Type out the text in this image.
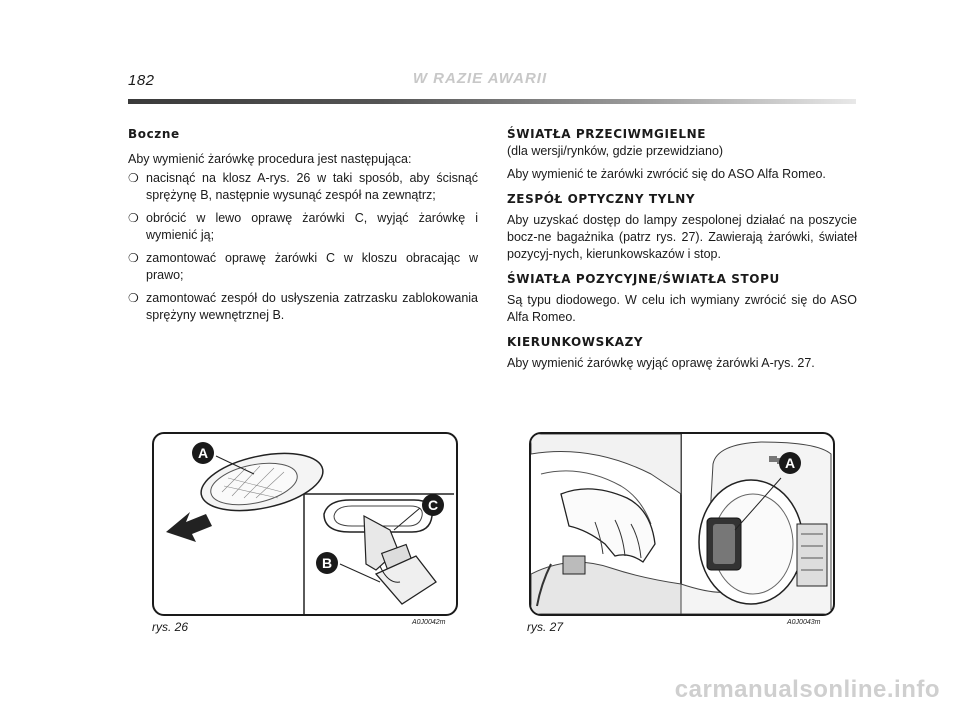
182	W RAZIE AWARII

Boczne

Aby wymienić żarówkę procedura jest następująca:

❍ nacisnąć na klosz A-rys. 26 w taki sposób, aby ścisnąć sprężynę B, następnie wysunąć zespół na zewnątrz;
❍ obrócić w lewo oprawę żarówki C, wyjąć żarówkę i wymienić ją;
❍ zamontować oprawę żarówki C w kloszu obracając w prawo;
❍ zamontować zespół do usłyszenia zatrzasku zablokowania sprężyny wewnętrznej B.

ŚWIATŁA PRZECIWMGIELNE

(dla wersji/rynków, gdzie przewidziano)

Aby wymienić te żarówki zwrócić się do ASO Alfa Romeo.

ZESPÓŁ OPTYCZNY TYLNY

Aby uzyskać dostęp do lampy zespolonej działać na poszycie bocz-ne bagażnika (patrz rys. 27). Zawierają żarówki, świateł pozycyj-nych, kierunkowskazów i stop.

ŚWIATŁA POZYCYJNE/ŚWIATŁA STOPU

Są typu diodowego. W celu ich wymiany zwrócić się do ASO Alfa Romeo.

KIERUNKOWSKAZY

Aby wymienić żarówkę wyjąć oprawę żarówki A-rys. 27.

A
C
B
rys. 26	A0J0042m
A
rys. 27	A0J0043m
carmanualsonline.info
